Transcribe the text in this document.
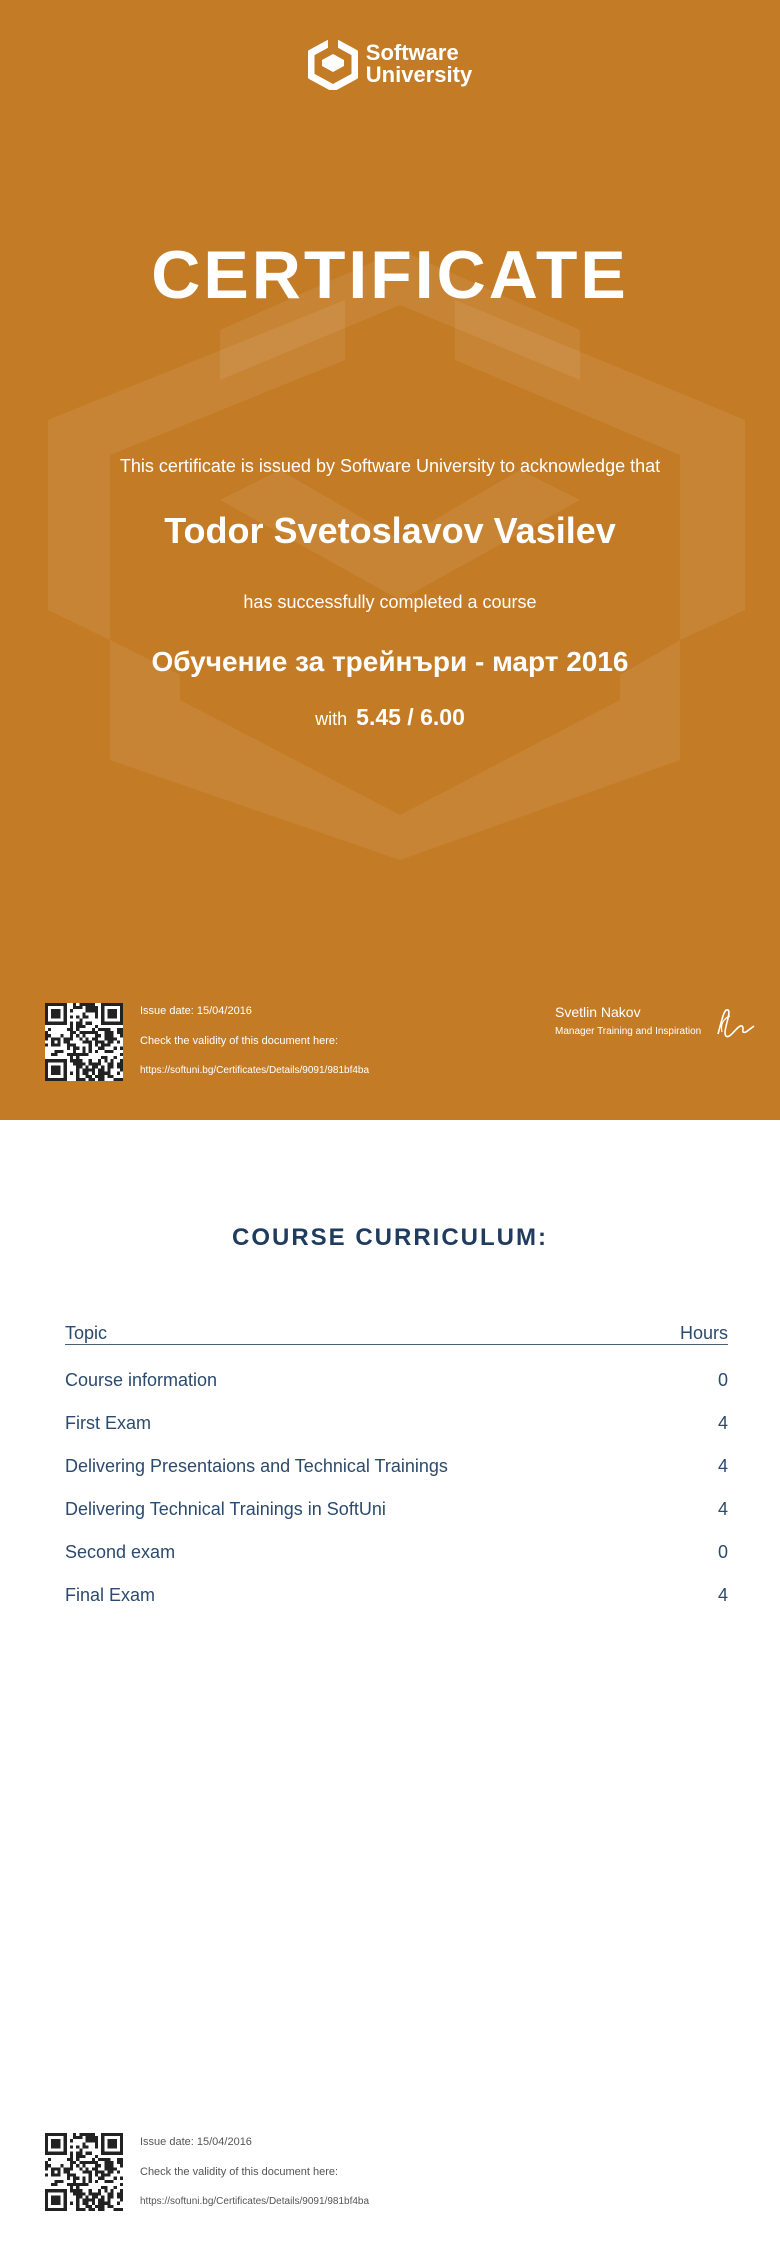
Software
University
CERTIFICATE
This certificate is issued by Software University to acknowledge that
Todor Svetoslavov Vasilev
has successfully completed a course
Обучение за трейнъри - март 2016
with 5.45 / 6.00
Issue date: 15/04/2016
Check the validity of this document here:
https://softuni.bg/Certificates/Details/9091/981bf4ba
Svetlin Nakov
Manager Training and Inspiration
COURSE CURRICULUM:
Topic	Hours
Course information	0
First Exam	4
Delivering Presentaions and Technical Trainings	4
Delivering Technical Trainings in SoftUni	4
Second exam	0
Final Exam	4
Issue date: 15/04/2016
Check the validity of this document here:
https://softuni.bg/Certificates/Details/9091/981bf4ba
